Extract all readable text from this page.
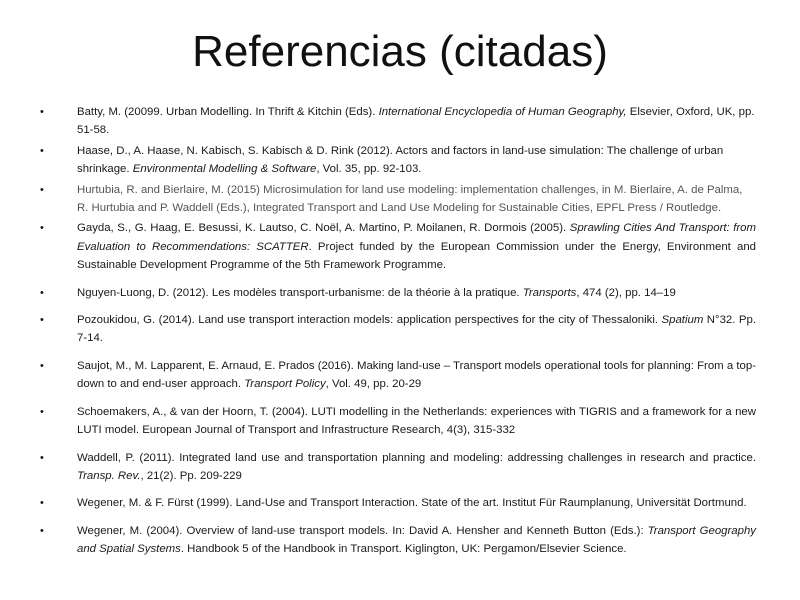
Referencias (citadas)
•	Batty, M. (20099. Urban Modelling. In Thrift & Kitchin (Eds). International Encyclopedia of Human Geography, Elsevier, Oxford, UK, pp. 51-58.
•	Haase, D., A. Haase, N. Kabisch, S. Kabisch & D. Rink (2012). Actors and factors in land-use simulation: The challenge of urban shrinkage. Environmental Modelling & Software, Vol. 35, pp. 92-103.
•	Hurtubia, R. and Bierlaire, M. (2015) Microsimulation for land use modeling: implementation challenges, in M. Bierlaire, A. de Palma, R. Hurtubia and P. Waddell (Eds.), Integrated Transport and Land Use Modeling for Sustainable Cities, EPFL Press / Routledge.
•	Gayda, S., G. Haag, E. Besussi, K. Lautso, C. Noël, A. Martino, P. Moilanen, R. Dormois (2005). Sprawling Cities And Transport: from Evaluation to Recommendations: SCATTER. Project funded by the European Commission under the Energy, Environment and Sustainable Development Programme of the 5th Framework Programme.
•	Nguyen-Luong, D. (2012). Les modèles transport-urbanisme: de la théorie à la pratique. Transports, 474 (2), pp. 14–19
•	Pozoukidou, G. (2014). Land use transport interaction models: application perspectives for the city of Thessaloniki. Spatium N°32. Pp. 7-14.
•	Saujot, M., M. Lapparent, E. Arnaud, E. Prados (2016). Making land-use – Transport models operational tools for planning: From a top-down to and end-user approach. Transport Policy, Vol. 49, pp. 20-29
•	Schoemakers, A., & van der Hoorn, T. (2004). LUTI modelling in the Netherlands: experiences with TIGRIS and a framework for a new LUTI model. European Journal of Transport and Infrastructure Research, 4(3), 315-332
•	Waddell, P. (2011). Integrated land use and transportation planning and modeling: addressing challenges in research and practice. Transp. Rev., 21(2). Pp. 209-229
•	Wegener, M. & F. Fürst (1999). Land-Use and Transport Interaction. State of the art. Institut Für Raumplanung, Universität Dortmund.
•	Wegener, M. (2004). Overview of land-use transport models. In: David A. Hensher and Kenneth Button (Eds.): Transport Geography and Spatial Systems. Handbook 5 of the Handbook in Transport. Kiglington, UK: Pergamon/Elsevier Science.
